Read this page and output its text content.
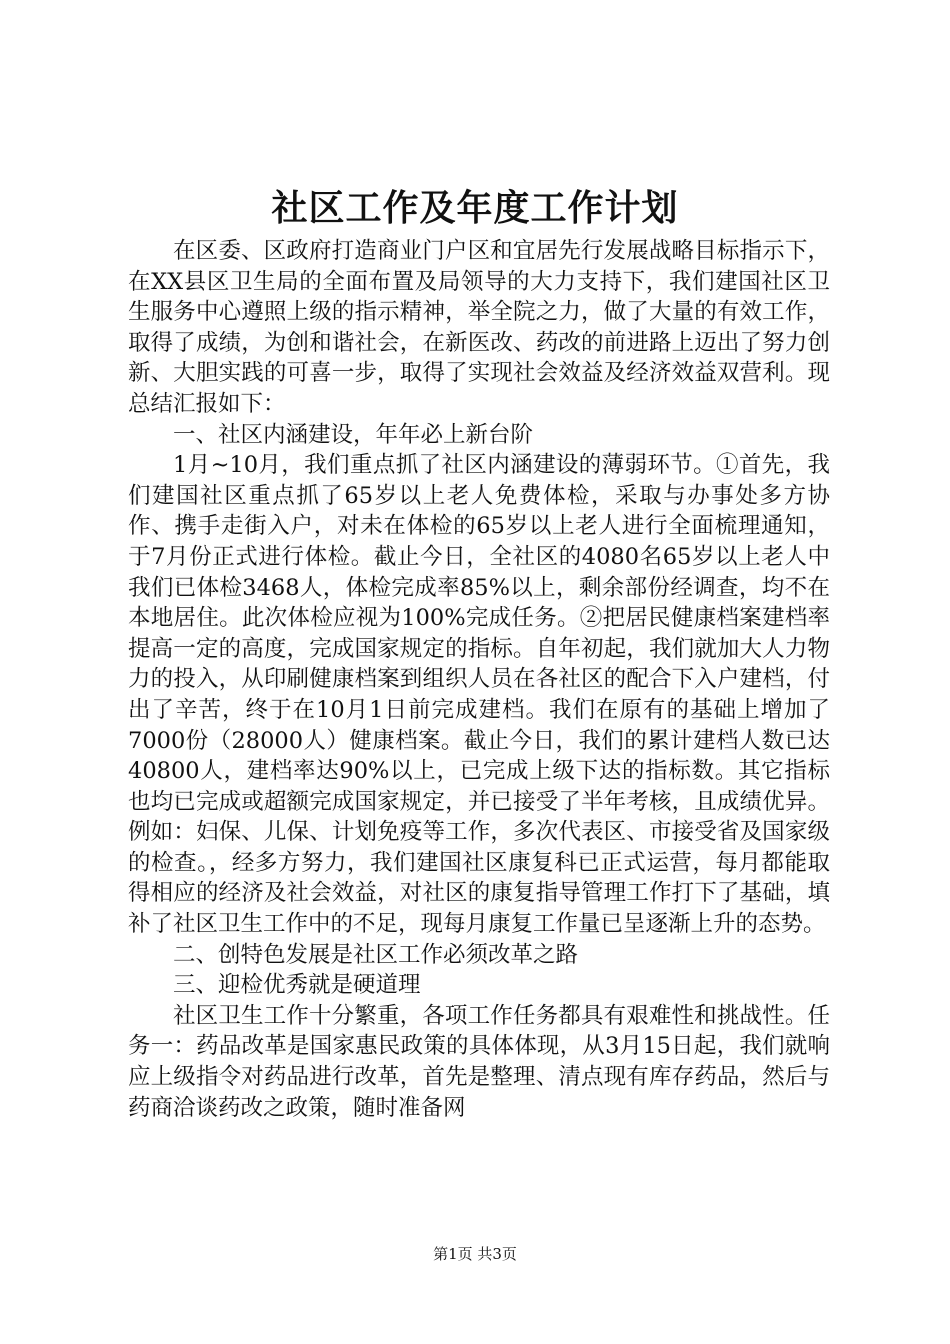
社区工作及年度工作计划

在区委、区政府打造商业门户区和宜居先行发展战略目标指示下，在XX县区卫生局的全面布置及局领导的大力支持下，我们建国社区卫生服务中心遵照上级的指示精神，举全院之力，做了大量的有效工作，取得了成绩，为创和谐社会，在新医改、药改的前进路上迈出了努力创新、大胆实践的可喜一步，取得了实现社会效益及经济效益双营利。现总结汇报如下：

一、社区内涵建设，年年必上新台阶

1月~10月，我们重点抓了社区内涵建设的薄弱环节。①首先，我们建国社区重点抓了65岁以上老人免费体检，采取与办事处多方协作、携手走街入户，对未在体检的65岁以上老人进行全面梳理通知，于7月份正式进行体检。截止今日，全社区的4080名65岁以上老人中我们已体检3468人，体检完成率85%以上，剩余部份经调查，均不在本地居住。此次体检应视为100%完成任务。②把居民健康档案建档率提高一定的高度，完成国家规定的指标。自年初起，我们就加大人力物力的投入，从印刷健康档案到组织人员在各社区的配合下入户建档，付出了辛苦，终于在10月1日前完成建档。我们在原有的基础上增加了7000份（28000人）健康档案。截止今日，我们的累计建档人数已达40800人，建档率达90%以上，已完成上级下达的指标数。其它指标也均已完成或超额完成国家规定，并已接受了半年考核，且成绩优异。例如：妇保、儿保、计划免疫等工作，多次代表区、市接受省及国家级的检查。，经多方努力，我们建国社区康复科已正式运营，每月都能取得相应的经济及社会效益，对社区的康复指导管理工作打下了基础，填补了社区卫生工作中的不足，现每月康复工作量已呈逐渐上升的态势。

二、创特色发展是社区工作必须改革之路

三、迎检优秀就是硬道理

社区卫生工作十分繁重，各项工作任务都具有艰难性和挑战性。任务一：药品改革是国家惠民政策的具体体现，从3月15日起，我们就响应上级指令对药品进行改革，首先是整理、清点现有库存药品，然后与药商洽谈药改之政策，随时准备网

第1页 共3页
